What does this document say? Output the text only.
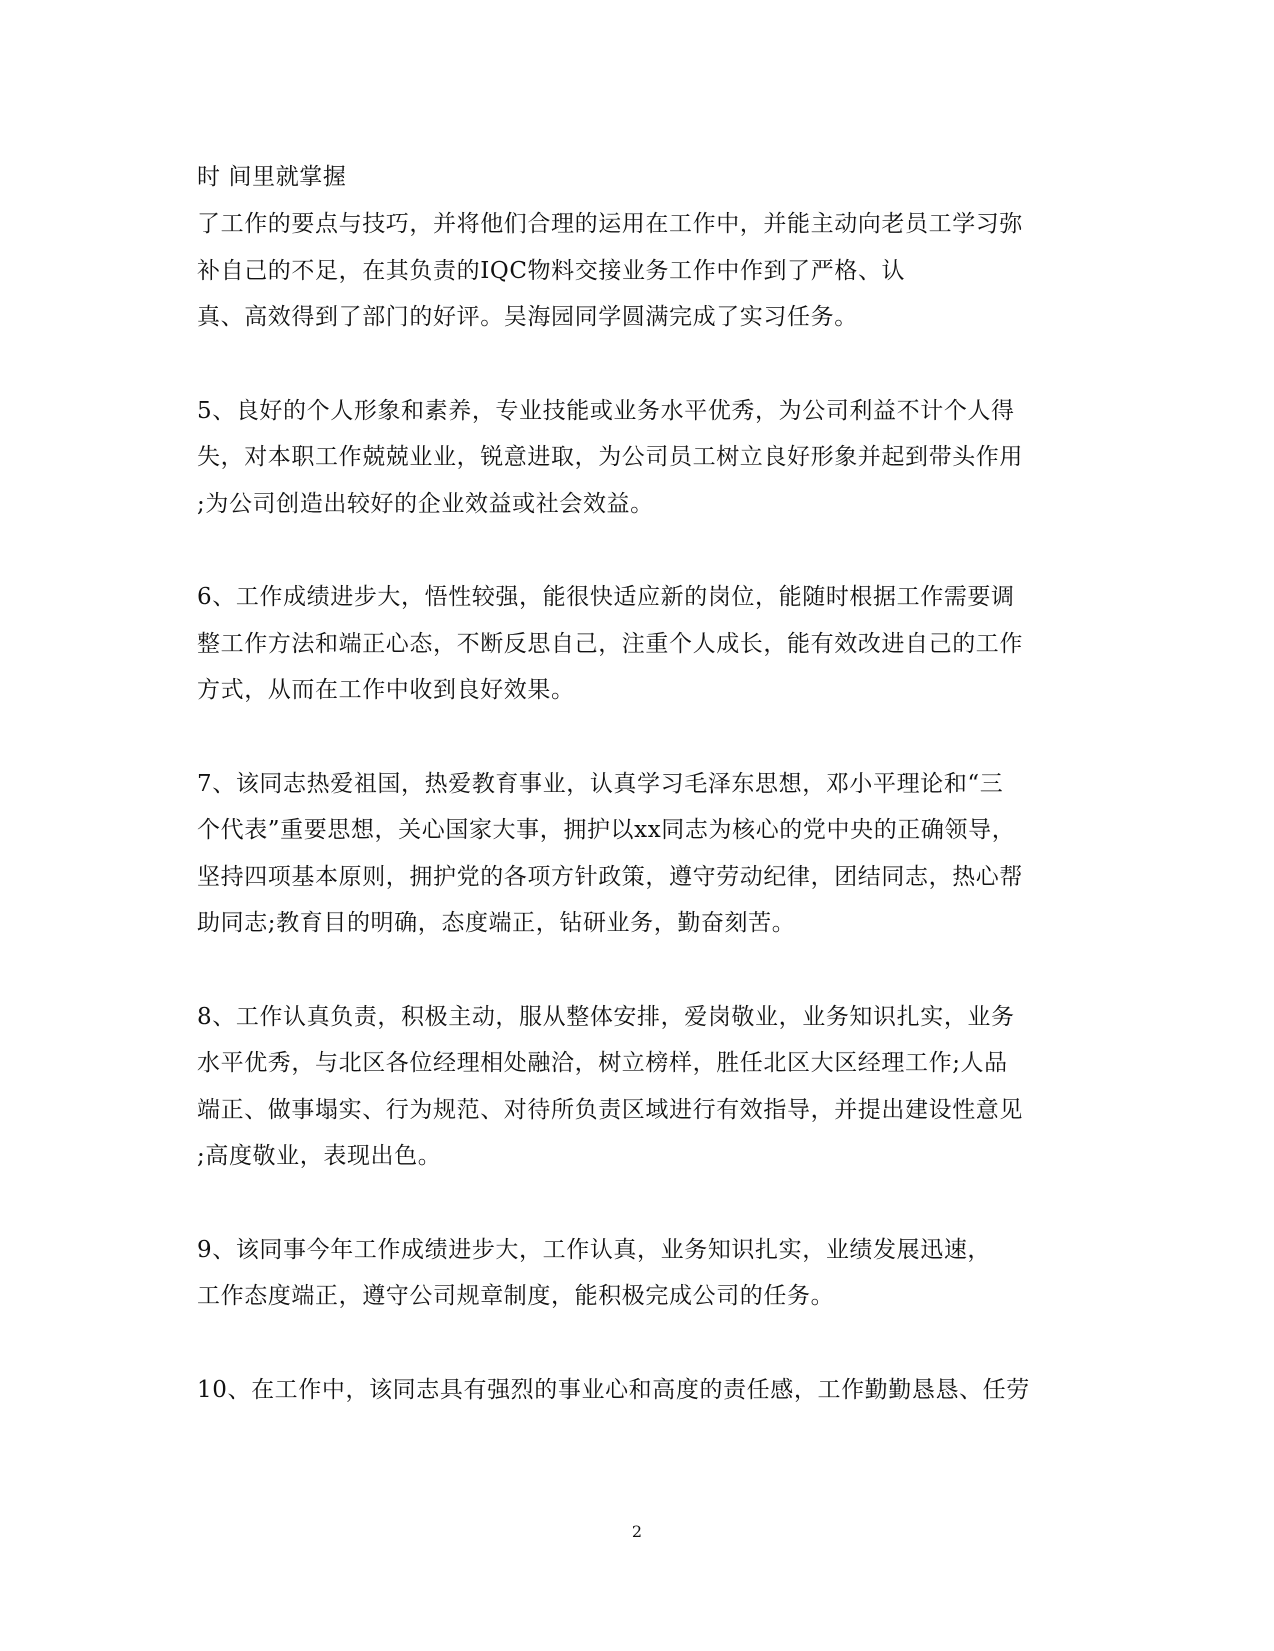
时 间里就掌握
了工作的要点与技巧，并将他们合理的运用在工作中，并能主动向老员工学习弥
补自己的不足，在其负责的IQC物料交接业务工作中作到了严格、认
真、高效得到了部门的好评。吴海园同学圆满完成了实习任务。
5、良好的个人形象和素养，专业技能或业务水平优秀，为公司利益不计个人得
失，对本职工作兢兢业业，锐意进取，为公司员工树立良好形象并起到带头作用
;为公司创造出较好的企业效益或社会效益。
6、工作成绩进步大，悟性较强，能很快适应新的岗位，能随时根据工作需要调
整工作方法和端正心态，不断反思自己，注重个人成长，能有效改进自己的工作
方式，从而在工作中收到良好效果。
7、该同志热爱祖国，热爱教育事业，认真学习毛泽东思想，邓小平理论和“三
个代表”重要思想，关心国家大事，拥护以xx同志为核心的党中央的正确领导，
坚持四项基本原则，拥护党的各项方针政策，遵守劳动纪律，团结同志，热心帮
助同志;教育目的明确，态度端正，钻研业务，勤奋刻苦。
8、工作认真负责，积极主动，服从整体安排，爱岗敬业，业务知识扎实，业务
水平优秀，与北区各位经理相处融洽，树立榜样，胜任北区大区经理工作;人品
端正、做事塌实、行为规范、对待所负责区域进行有效指导，并提出建设性意见
;高度敬业，表现出色。
9、该同事今年工作成绩进步大，工作认真，业务知识扎实，业绩发展迅速，
工作态度端正，遵守公司规章制度，能积极完成公司的任务。
10、在工作中，该同志具有强烈的事业心和高度的责任感，工作勤勤恳恳、任劳
2
